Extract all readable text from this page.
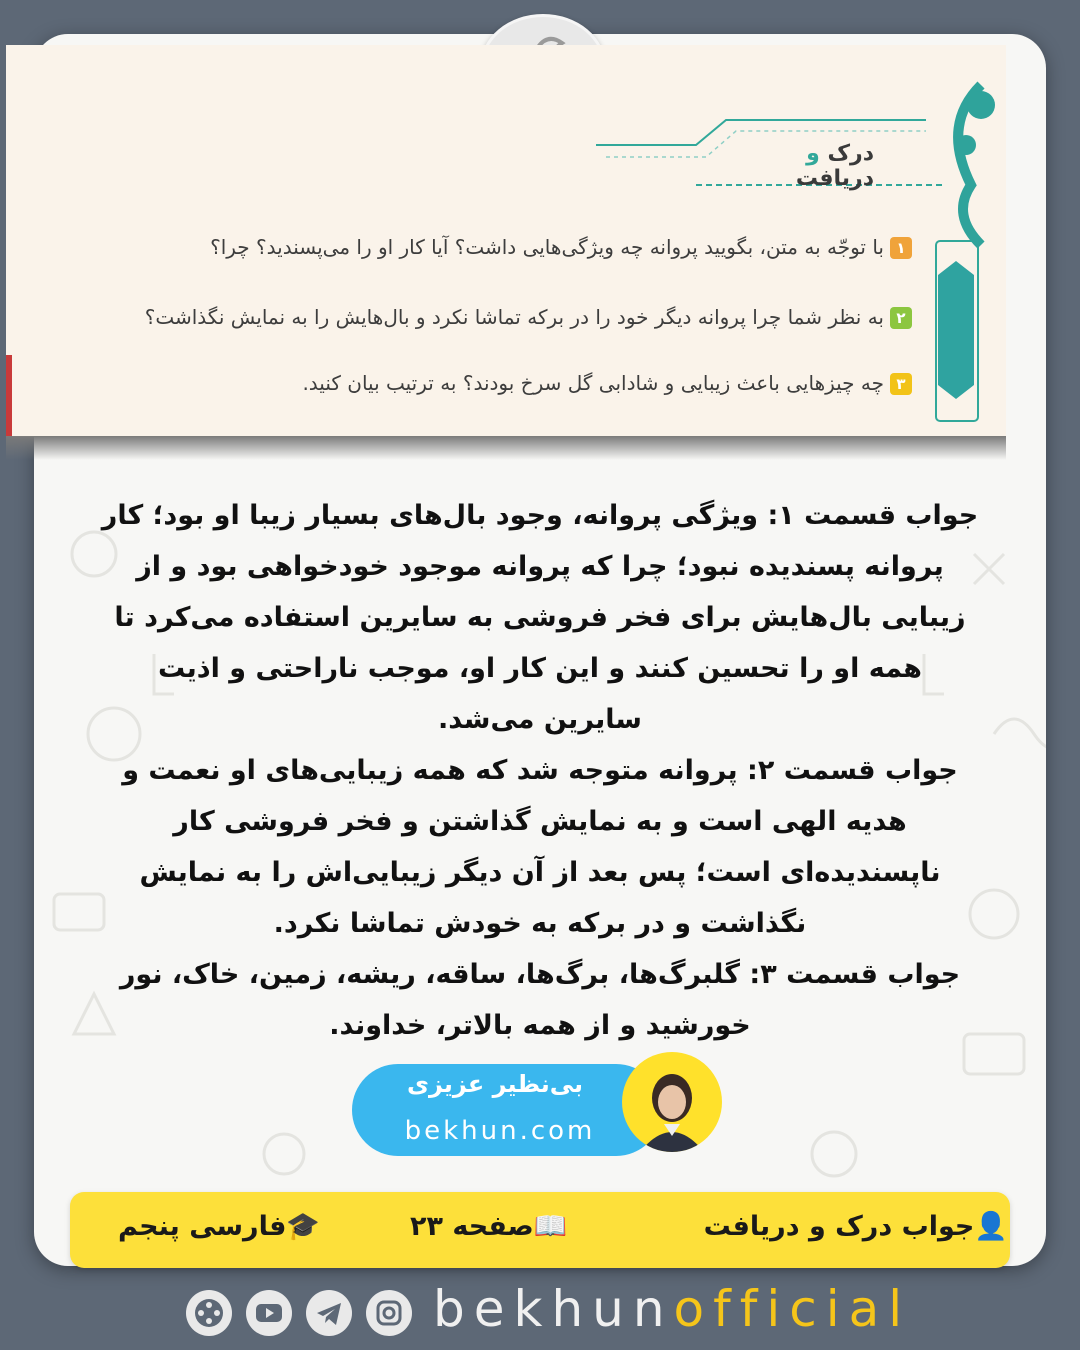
درک و دریافت
۱
با توجّه به متن، بگویید پروانه چه ویژگی‌هایی داشت؟ آیا کار او را می‌پسندید؟ چرا؟
۲
به نظر شما چرا پروانه دیگر خود را در برکه تماشا نکرد و بال‌هایش را به نمایش نگذاشت؟
۳
چه چیزهایی باعث زیبایی و شادابی گل سرخ بودند؟ به ترتیب بیان کنید.
جواب قسمت ۱: ویژگی پروانه، وجود بال‌های بسیار زیبا او بود؛ کار
پروانه پسندیده نبود؛ چرا که پروانه موجود خودخواهی بود و از
زیبایی بال‌هایش برای فخر فروشی به سایرین استفاده می‌کرد تا
همه او را تحسین کنند و این کار او، موجب ناراحتی و اذیت
سایرین می‌شد.
جواب قسمت ۲: پروانه متوجه شد که همه زیبایی‌های او نعمت و
هدیه الهی است و به نمایش گذاشتن و فخر فروشی کار
ناپسندیده‌ای است؛ پس بعد از آن دیگر زیبایی‌اش را به نمایش
نگذاشت و در برکه به خودش تماشا نکرد.
جواب قسمت ۳: گلبرگ‌ها، برگ‌ها، ساقه، ریشه، زمین، خاک، نور
خورشید و از همه بالاتر، خداوند.
بی‌نظیر عزیزی
bekhun.com
👤جواب درک و دریافت
📖صفحه ۲۳
🎓فارسی پنجم
bekhunofficial
